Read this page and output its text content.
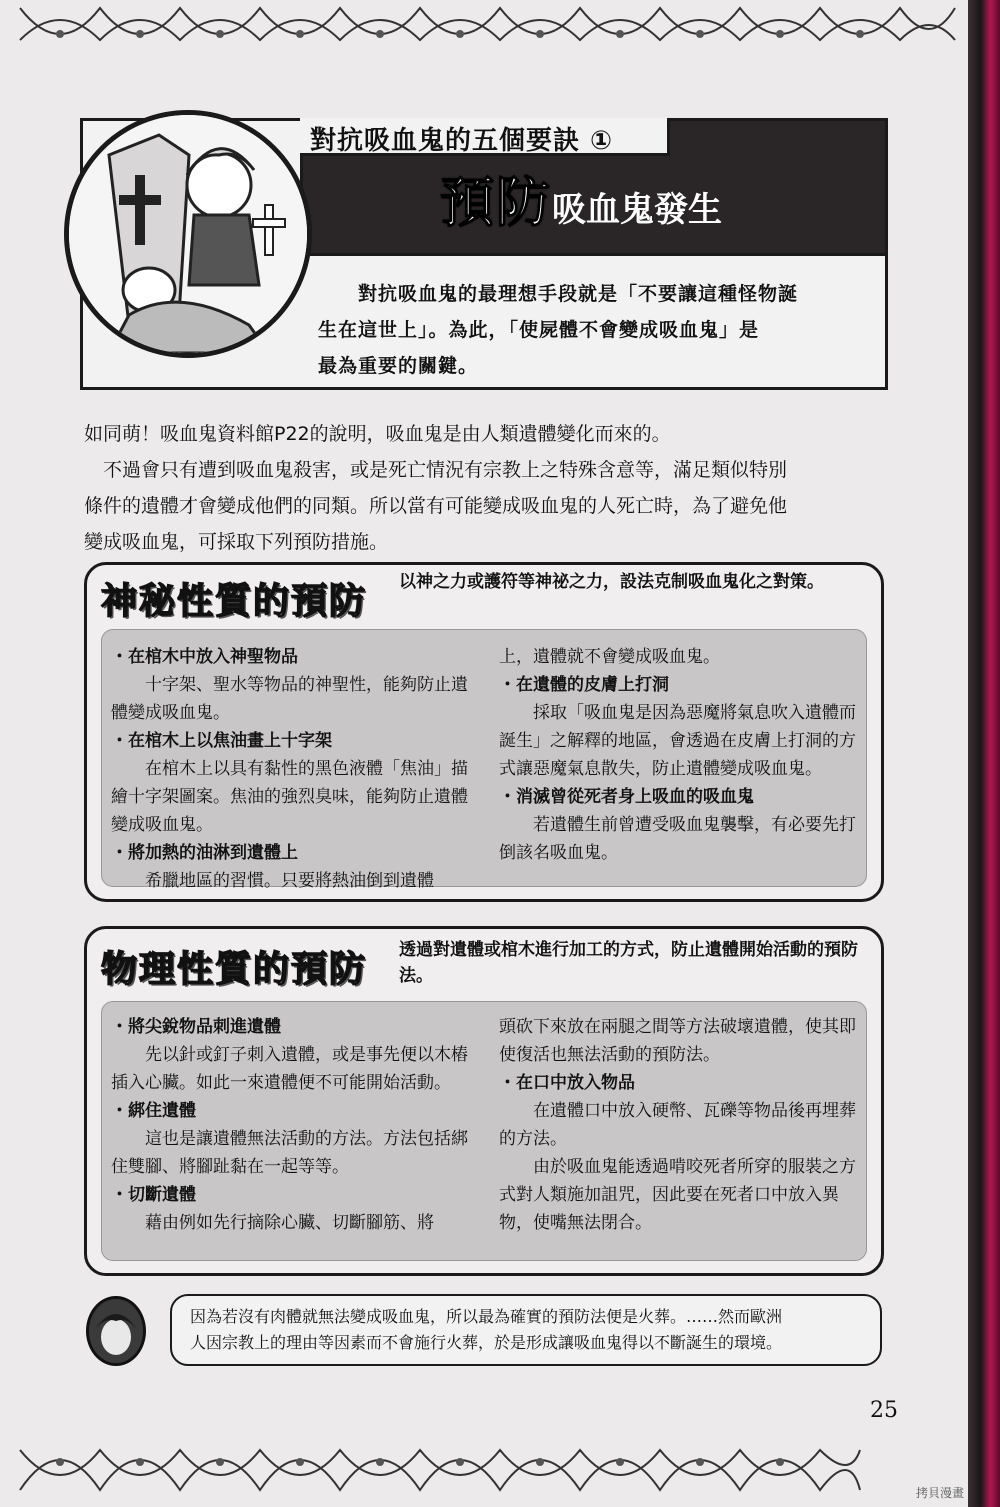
對抗吸血鬼的五個要訣 ①
預防吸血鬼發生
對抗吸血鬼的最理想手段就是「不要讓這種怪物誕
生在這世上」。為此，「使屍體不會變成吸血鬼」是
最為重要的關鍵。

如同萌！吸血鬼資料館P22的說明，吸血鬼是由人類遺體變化而來的。

不過會只有遭到吸血鬼殺害，或是死亡情況有宗教上之特殊含意等，滿足類似特別

條件的遺體才會變成他們的同類。所以當有可能變成吸血鬼的人死亡時，為了避免他

變成吸血鬼，可採取下列預防措施。

神秘性質的預防 以神之力或護符等神祕之力，設法克制吸血鬼化之對策。
・在棺木中放入神聖物品
十字架、聖水等物品的神聖性，能夠防止遺體變成吸血鬼。
・在棺木上以焦油畫上十字架
在棺木上以具有黏性的黑色液體「焦油」描繪十字架圖案。焦油的強烈臭味，能夠防止遺體變成吸血鬼。
・將加熱的油淋到遺體上
希臘地區的習慣。只要將熱油倒到遺體
上，遺體就不會變成吸血鬼。
・在遺體的皮膚上打洞
採取「吸血鬼是因為惡魔將氣息吹入遺體而誕生」之解釋的地區，會透過在皮膚上打洞的方式讓惡魔氣息散失，防止遺體變成吸血鬼。
・消滅曾從死者身上吸血的吸血鬼
若遺體生前曾遭受吸血鬼襲擊，有必要先打倒該名吸血鬼。
物理性質的預防 透過對遺體或棺木進行加工的方式，防止遺體開始活動的預防法。
・將尖銳物品刺進遺體
先以針或釘子刺入遺體，或是事先便以木樁插入心臟。如此一來遺體便不可能開始活動。
・綁住遺體
這也是讓遺體無法活動的方法。方法包括綁住雙腳、將腳趾黏在一起等等。
・切斷遺體
藉由例如先行摘除心臟、切斷腳筋、將
頭砍下來放在兩腿之間等方法破壞遺體，使其即使復活也無法活動的預防法。
・在口中放入物品
在遺體口中放入硬幣、瓦礫等物品後再埋葬的方法。
由於吸血鬼能透過啃咬死者所穿的服裝之方式對人類施加詛咒，因此要在死者口中放入異物，使嘴無法閉合。
因為若沒有肉體就無法變成吸血鬼，所以最為確實的預防法便是火葬。……然而歐洲
人因宗教上的理由等因素而不會施行火葬，於是形成讓吸血鬼得以不斷誕生的環境。
25
拷貝漫畫
